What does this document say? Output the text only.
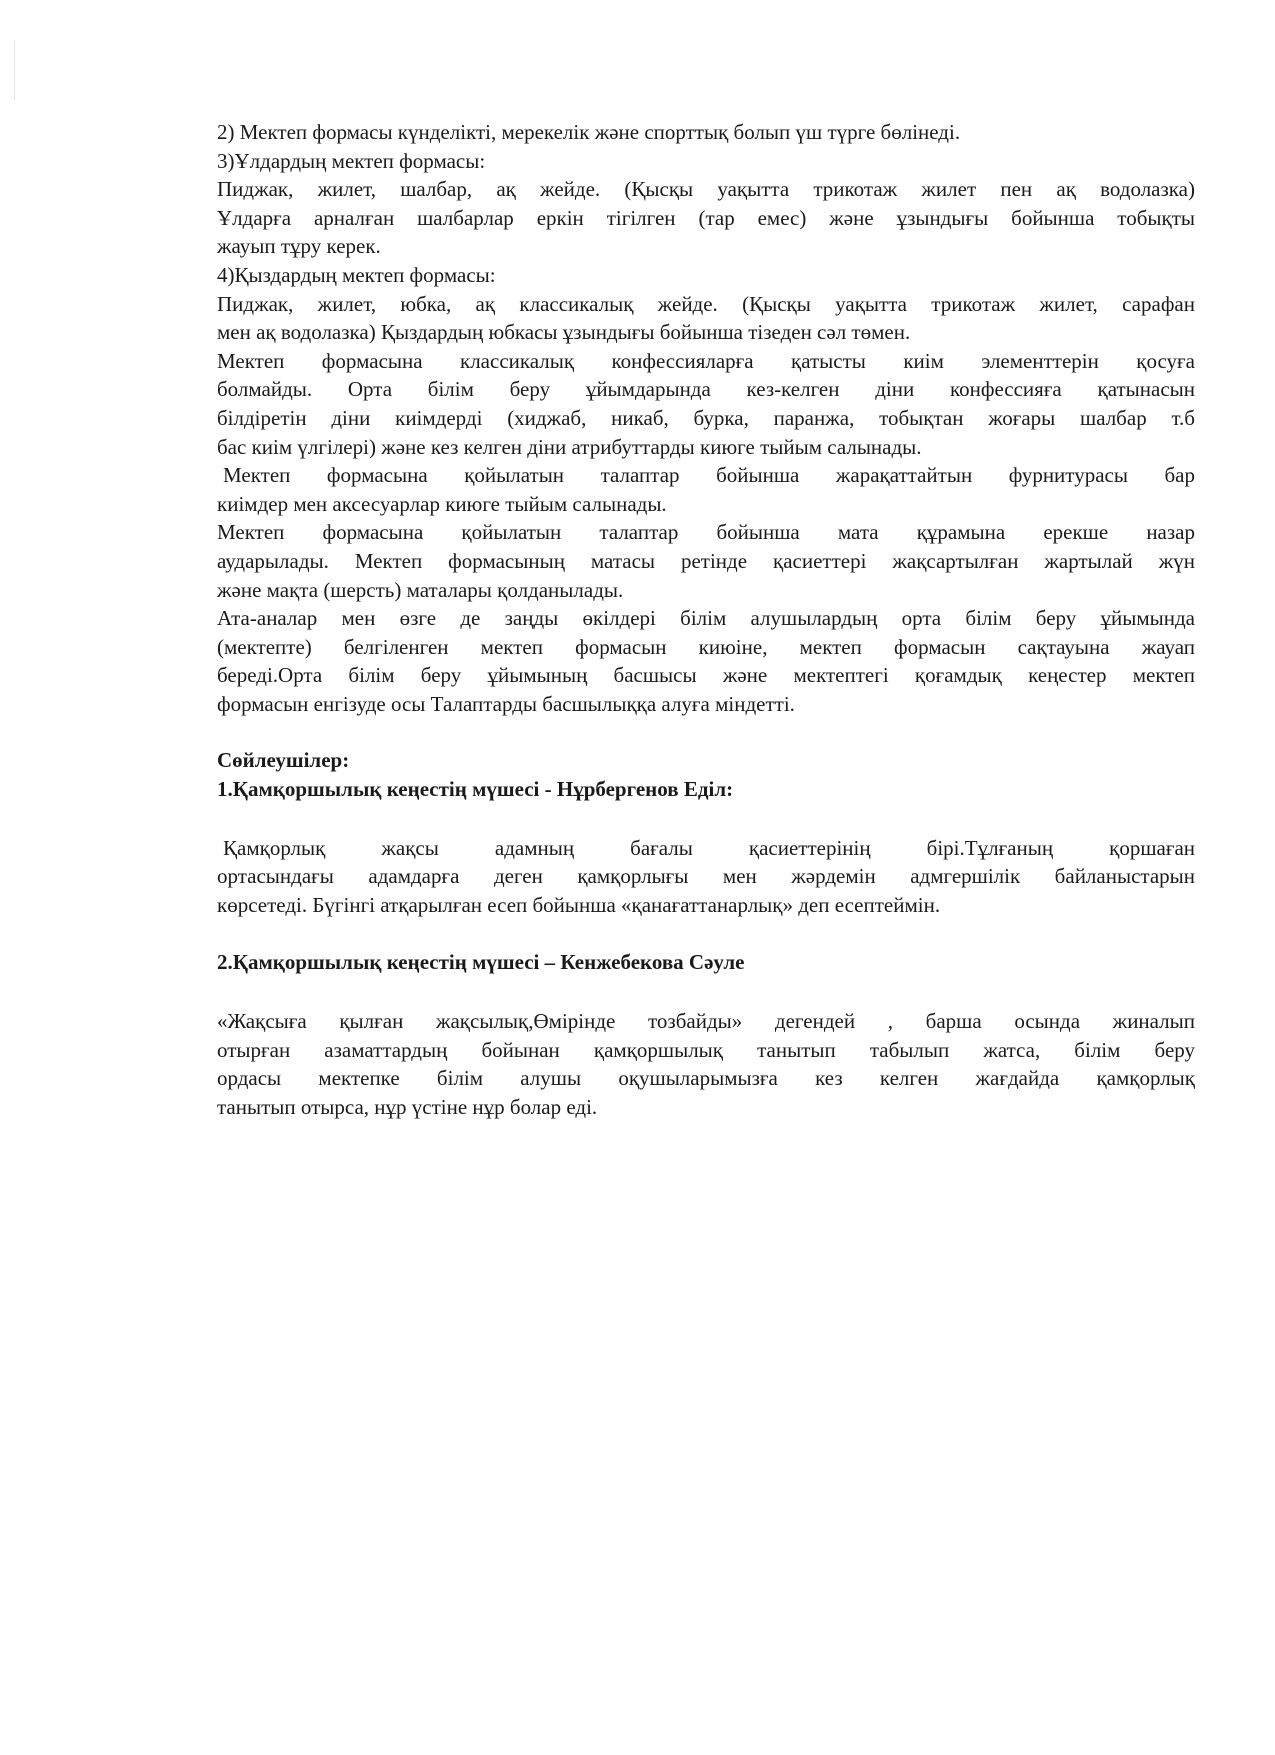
2) Мектеп формасы күнделікті, мерекелік және спорттық болып үш түрге бөлінеді.
3)Ұлдардың мектеп формасы:
Пиджак, жилет, шалбар, ақ жейде. (Қысқы уақытта трикотаж жилет пен ақ водолазка)
Ұлдарға арналған шалбарлар еркін тігілген (тар емес) және ұзындығы бойынша тобықты
жауып тұру керек.
4)Қыздардың мектеп формасы:
Пиджак, жилет, юбка, ақ классикалық жейде. (Қысқы уақытта трикотаж жилет, сарафан
мен ақ водолазка) Қыздардың юбкасы ұзындығы бойынша тізеден сәл төмен.
Мектеп формасына классикалық конфессияларға қатысты киім элементтерін қосуға
болмайды. Орта білім беру ұйымдарында кез-келген діни конфессияға қатынасын
білдіретін діни киімдерді (хиджаб, никаб, бурка, паранжа, тобықтан жоғары шалбар т.б
бас киім үлгілері) және кез келген діни атрибуттарды киюге тыйым салынады.
Мектеп формасына қойылатын талаптар бойынша жарақаттайтын фурнитурасы бар
киімдер мен аксесуарлар киюге тыйым салынады.
Мектеп формасына қойылатын талаптар бойынша мата құрамына ерекше назар
аударылады. Мектеп формасының матасы ретінде қасиеттері жақсартылған жартылай жүн
және мақта (шерсть) маталары қолданылады.
Ата-аналар мен өзге де заңды өкілдері білім алушылардың орта білім беру ұйымында
(мектепте) белгіленген мектеп формасын киюіне, мектеп формасын сақтауына жауап
береді.Орта білім беру ұйымының басшысы және мектептегі қоғамдық кеңестер мектеп
формасын енгізуде осы Талаптарды басшылыққа алуға міндетті.
Сөйлеушілер:
1.Қамқоршылық кеңестің мүшесі - Нұрбергенов Еділ:
Қамқорлық жақсы адамның бағалы қасиеттерінің бірі.Тұлғаның қоршаған
ортасындағы адамдарға деген қамқорлығы мен жәрдемін адмгершілік байланыстарын
көрсетеді. Бүгінгі атқарылған есеп бойынша «қанағаттанарлық» деп есептеймін.
2.Қамқоршылық кеңестің мүшесі – Кенжебекова Сәуле
«Жақсыға қылған жақсылық,Өмірінде тозбайды» дегендей , барша осында жиналып
отырған азаматтардың бойынан қамқоршылық танытып табылып жатса, білім беру
ордасы мектепке білім алушы оқушыларымызға кез келген жағдайда қамқорлық
танытып отырса, нұр үстіне нұр болар еді.
